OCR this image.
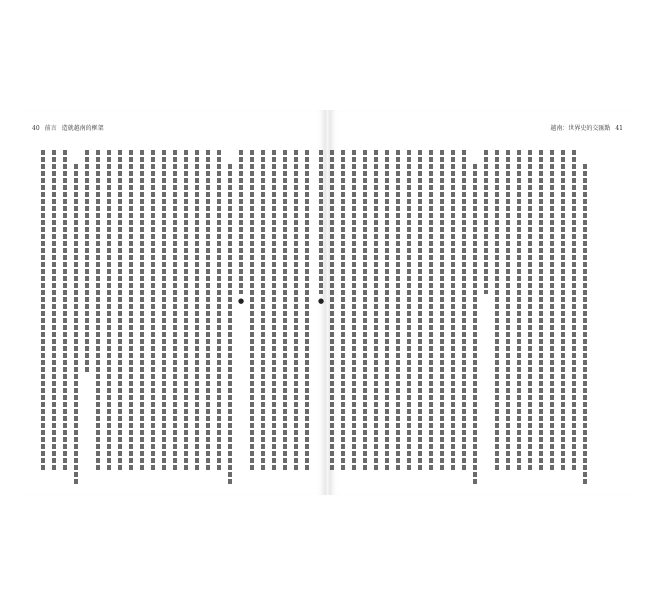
40 前言 造就越南的框架
●
越南：世界史的交匯點 41
●
